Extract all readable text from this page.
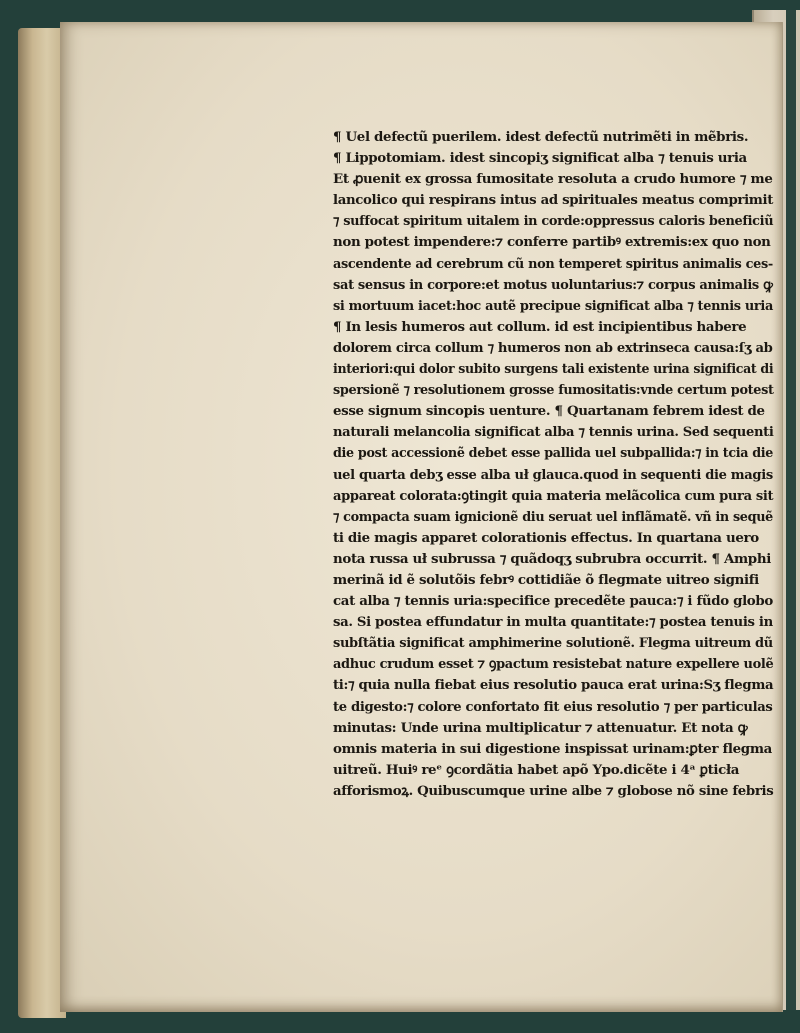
¶ Uel defectũ puerilem. idest defectũ nutrimẽti in mẽbris.
¶ Lippotomiam. idest sincopiʒ significat alba ⁊ tenuis uria
Et ꝓuenit ex grossa fumositate resoluta a crudo humore ⁊ me
lancolico qui respirans intus ad spirituales meatus comprimit
⁊ suffocat spiritum uitalem in corde:oppressus caloris beneficiũ
non potest impendere:⁊ conferre partibꝰ extremis:ex quo non
ascendente ad cerebrum cũ non temperet spiritus animalis ces-
sat sensus in corpore:et motus uoluntarius:⁊ corpus animalis ꝙ
si mortuum iacet:hoc autẽ precipue significat alba ⁊ tennis uria
¶ In lesis humeros aut collum. id est incipientibus habere
dolorem circa collum ⁊ humeros non ab extrinseca causa:ſʒ ab
interiori:qui dolor subito surgens tali existente urina significat di
spersionẽ ⁊ resolutionem grosse fumositatis:vnde certum potest
esse signum sincopis uenture. ¶ Quartanam febrem idest de
naturali melancolia significat alba ⁊ tennis urina. Sed sequenti
die post accessionẽ debet esse pallida uel subpallida:⁊ in tcia die
uel quarta debʒ esse alba uł glauca.quod in sequenti die magis
appareat colorata:ꝯtingit quia materia melãcolica cum pura sit
⁊ compacta suam ignicionẽ diu seruat uel inflãmatẽ. vñ in sequẽ
ti die magis apparet colorationis effectus. In quartana uero
nota russa uł subrussa ⁊ quãdoqʒ subrubra occurrit. ¶ Amphi
merinã id ẽ solutõis febrꝰ cottidiãe õ flegmate uitreo signifi
cat alba ⁊ tennis uria:specifice precedẽte pauca:⁊ i fũdo globo
sa. Si postea effundatur in multa quantitate:⁊ postea tenuis in
subſtãtia significat amphimerine solutionẽ. Flegma uitreum dũ
adhuc crudum esset ⁊ ꝯpactum resistebat nature expellere uolẽ
ti:⁊ quia nulla fiebat eius resolutio pauca erat urina:Sʒ flegma
te digesto:⁊ colore confortato fit eius resolutio ⁊ per particulas
minutas: Unde urina multiplicatur ⁊ attenuatur. Et nota ꝙ
omnis materia in sui digestione inspissat urinam:ꝑter flegma
uitreũ. Huiꝰ reᵉ ꝯcordãtia habet apõ Ypo.dicẽte i 4ᵃ ꝑticła
afforismoꝝ. Quibuscumque urine albe ⁊ globose nõ sine febris
